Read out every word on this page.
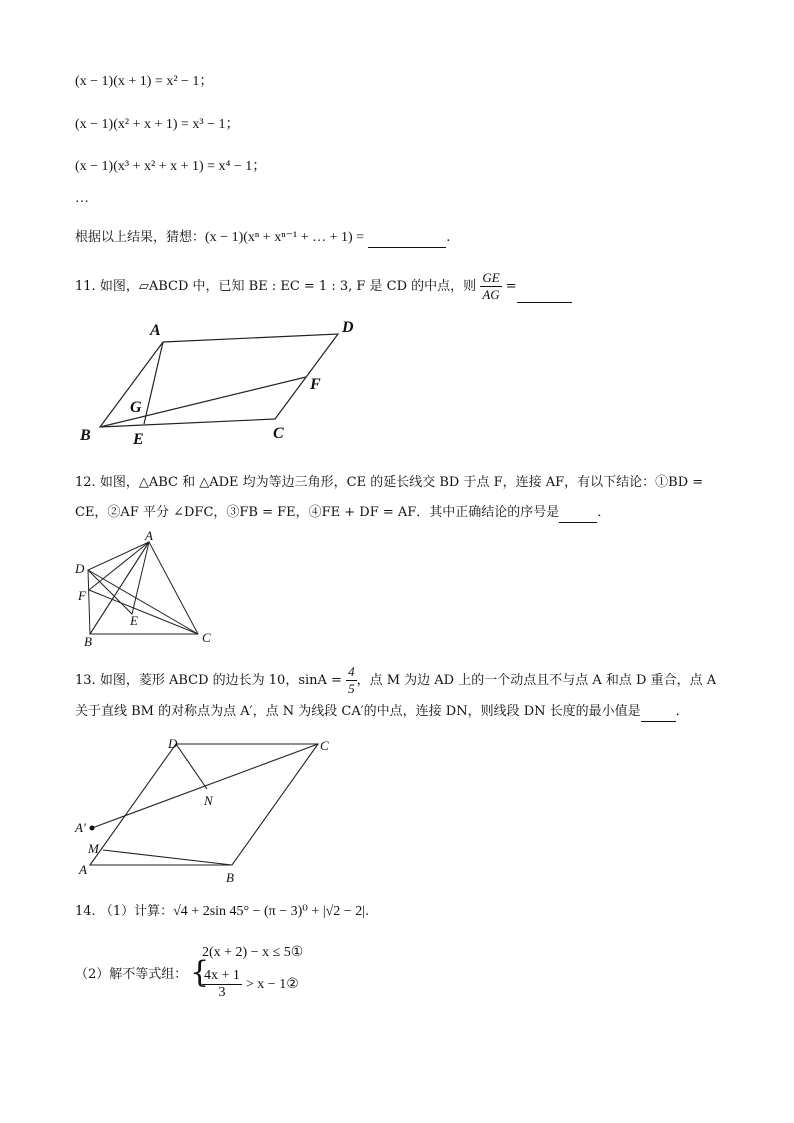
(x − 1)(x + 1) = x² − 1；
(x − 1)(x² + x + 1) = x³ − 1；
(x − 1)(x³ + x² + x + 1) = x⁴ − 1；
…
根据以上结果，猜想：(x − 1)(xⁿ + xⁿ⁻¹ + … + 1) =	.
11. 如图，▱ABCD 中，已知 BE : EC = 1 : 3, F 是 CD 的中点，则 $\frac{GE}{AG}$ =
A	D
B	C
F
G
E
12. 如图，△ABC 和 △ADE 均为等边三角形，CE 的延长线交 BD 于点 F，连接 AF，有以下结论：①BD =
CE，②AF 平分 ∠DFC，③FB = FE，④FE + DF = AF．其中正确结论的序号是	．
A
D
F
E
B	C
13. 如图，菱形 ABCD 的边长为 10，$\sin A = \frac{4}{5}$ ，点 M 为边 AD 上的一个动点且不与点 A 和点 D 重合，点 A
关于直线 BM 的对称点为点 A′，点 N 为线段 CA′的中点，连接 DN，则线段 DN 长度的最小值是	．
D	C
N
A′
M
A
B
14. （1）计算：√4 + 2sin 45° − (π − 3)⁰ + |√2 − 2|.
（2）解不等式组： {
2(x + 2) − x ≤ 5①
$\frac{4x + 1}{3} > x$ − 1②
